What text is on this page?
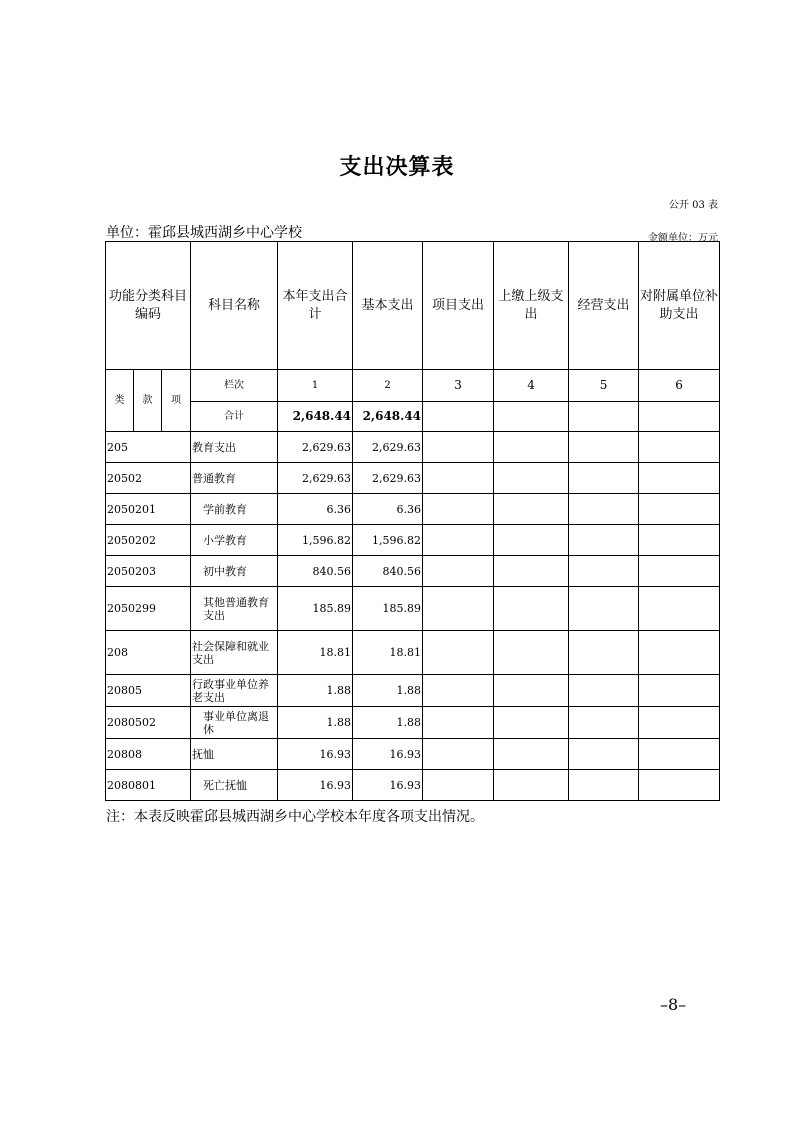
支出决算表
公开 03 表
单位：霍邱县城西湖乡中心学校	金额单位：万元
功能分类科目编码			科目名称	本年支出合计	基本支出	项目支出	上缴上级支出	经营支出	对附属单位补助支出
类	款	项	栏次	1	2	3	4	5	6
			合计	2,648.44	2,648.44				
205			教育支出	2,629.63	2,629.63				
20502			普通教育	2,629.63	2,629.63				
2050201			学前教育	6.36	6.36				
2050202			小学教育	1,596.82	1,596.82				
2050203			初中教育	840.56	840.56				
2050299			其他普通教育支出	185.89	185.89				
208			社会保障和就业支出	18.81	18.81				
20805			行政事业单位养老支出	1.88	1.88				
2080502			事业单位离退休	1.88	1.88				
20808			抚恤	16.93	16.93				
2080801			死亡抚恤	16.93	16.93				
注：本表反映霍邱县城西湖乡中心学校本年度各项支出情况。
–8–
